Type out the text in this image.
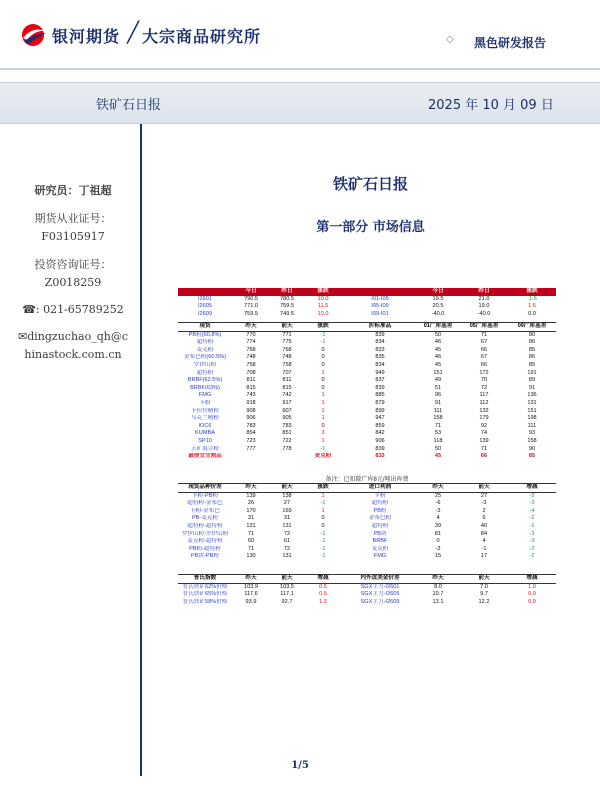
银河期货 ╱ 大宗商品研究所	◇ 黑色研发报告
铁矿石日报	2025 年 10 月 09 日
研究员：丁祖超
期货从业证号：
F03105917
投资咨询证号：
Z0018259
☎: 021-65789252
✉dingzuchao_qh@c
hinastock.com.cn
铁矿石日报
第一部分 市场信息
今日	昨日	涨跌	今日	昨日	涨跌
I2601	790.5	780.5	10.0	I01-I05	19.5	21.0	-1.5
I2605	771.0	759.5	11.5	I05-I09	20.5	19.0	1.5
I2609	759.5	749.5	10.0	I09-I01	-40.0	-40.0	0.0
现货	昨天	前天	涨跌	折标准品	01广库基差	05广库基差	09广库基差
PB粉(60.8%)	770	771	-1	839	50	71	80
超特粉	774	775	-1	834	46	67	86
麦克粉	768	768	0	833	45	66	85
金布巴粉(60.5%)	748	748	0	835	46	67	86
罗伊山粉	758	758	0	834	45	66	85
超特粉	708	707	1	949	151	172	191
BRBF(62.5%)	811	811	0	837	49	70	89
BRBF(63%)	815	815	0	839	51	72	91
FMG	743	742	1	885	96	117	136
卡粉	918	917	1	879	91	112	131
卡拉拉精粉	908	907	1	899	111	132	151
乌克兰精粉	906	905	1	947	158	179	198
IOC6	783	783	0	859	71	92	111
KUMBA	854	851	3	842	53	74	93
SP10	723	722	1	906	118	139	158
五矿混合粉	777	778	-1	839	50	71	90
最便宜交割品	麦克粉	833	45	66	85
备注：已扣除广库8元/吨出库费
现货品种价差	昨天	前天	涨跌	进口利润	昨天	前天	增减
卡粉-PB粉	139	138	1	卡粉	25	27	-2
超特粉-金布巴	26	27	-1	超特粉	-6	-3	-3
卡粉-金布巴	170	169	1	PB粉	-3	2	-4
PB-麦克粉	31	31	0	金布巴粉	4	6	-2
超特粉-超特粉	131	131	0	超特粉	39	40	-1
罗伊山粉-罗伊山粉	71	72	-1	PB块	81	84	-3
麦克粉-超特粉	60	61	-1	BRBF	0	4	-3
PB粉-超特粉	71	72	-1	麦克粉	-3	-1	-2
PB块-PB粉	130	131	-1	FMG	15	17	-2
普氏指数	昨天	前天	增减	内外盘美金价差	昨天	前天	增减
普氏铁矿62%价格	103.9	103.5	0.5	SGX主力-I2601	8.0	7.0	1.0
普氏铁矿65%价格	117.6	117.1	0.5	SGX主力-I2605	10.7	9.7	0.9
普氏铁矿58%价格	93.9	92.7	1.3	SGX主力-I2609	13.1	12.2	0.9
1/5
